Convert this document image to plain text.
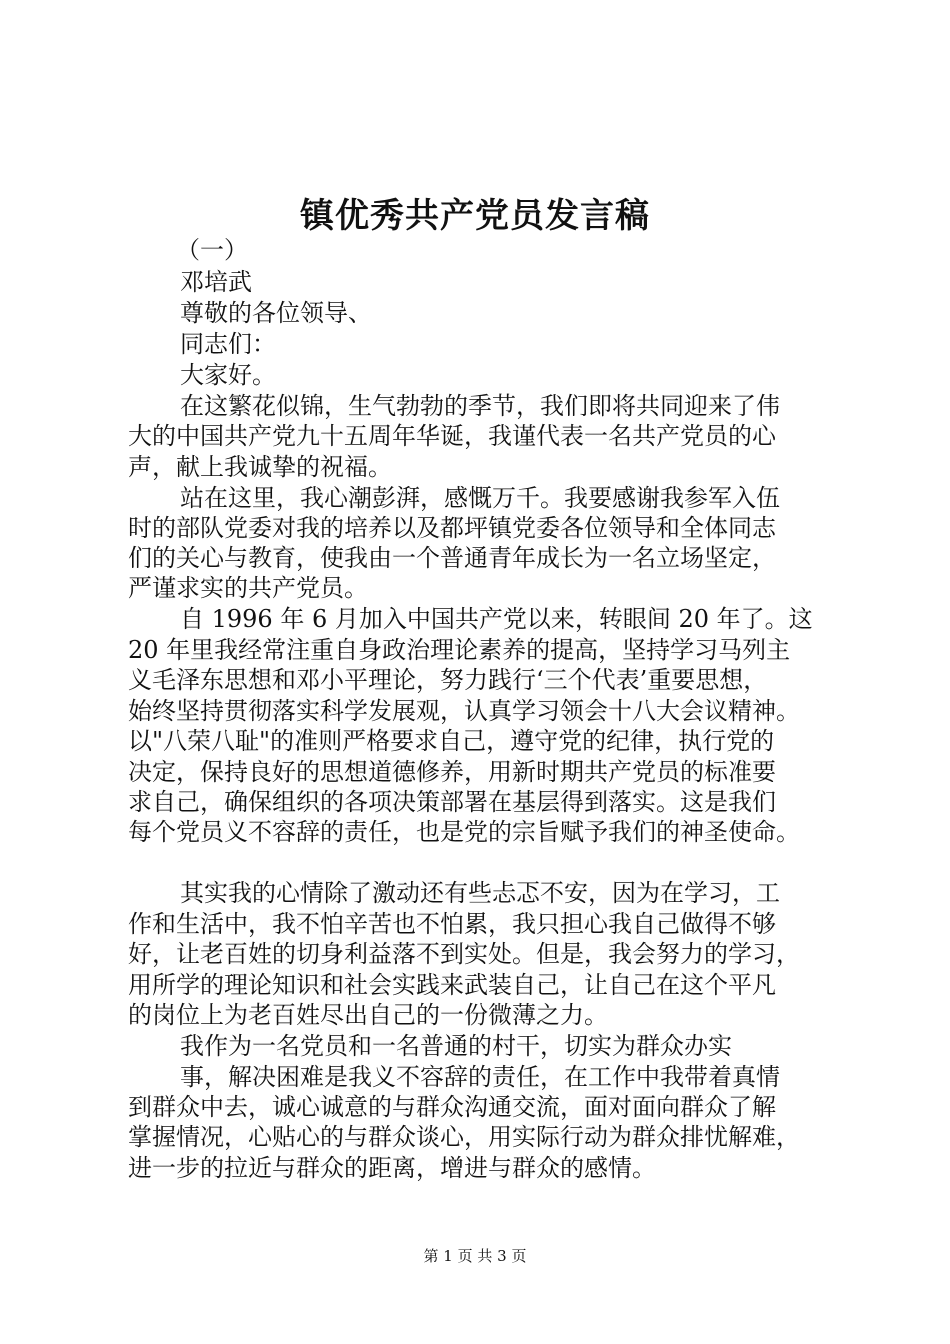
镇优秀共产党员发言稿
（一）
邓培武
尊敬的各位领导、
同志们：
大家好。
在这繁花似锦，生气勃勃的季节，我们即将共同迎来了伟
大的中国共产党九十五周年华诞，我谨代表一名共产党员的心
声，献上我诚挚的祝福。
站在这里，我心潮彭湃，感慨万千。我要感谢我参军入伍
时的部队党委对我的培养以及都坪镇党委各位领导和全体同志
们的关心与教育，使我由一个普通青年成长为一名立场坚定，
严谨求实的共产党员。
自 1996 年 6 月加入中国共产党以来，转眼间 20 年了。这
20 年里我经常注重自身政治理论素养的提高，坚持学习马列主
义毛泽东思想和邓小平理论，努力践行‘三个代表’重要思想，
始终坚持贯彻落实科学发展观，认真学习领会十八大会议精神。
以"八荣八耻"的准则严格要求自己，遵守党的纪律，执行党的
决定，保持良好的思想道德修养，用新时期共产党员的标准要
求自己，确保组织的各项决策部署在基层得到落实。这是我们
每个党员义不容辞的责任，也是党的宗旨赋予我们的神圣使命。
其实我的心情除了激动还有些忐忑不安，因为在学习，工
作和生活中，我不怕辛苦也不怕累，我只担心我自己做得不够
好，让老百姓的切身利益落不到实处。但是，我会努力的学习，
用所学的理论知识和社会实践来武装自己，让自己在这个平凡
的岗位上为老百姓尽出自己的一份微薄之力。
我作为一名党员和一名普通的村干，切实为群众办实
事，解决困难是我义不容辞的责任，在工作中我带着真情
到群众中去，诚心诚意的与群众沟通交流，面对面向群众了解
掌握情况，心贴心的与群众谈心，用实际行动为群众排忧解难，
进一步的拉近与群众的距离，增进与群众的感情。
第 1 页 共 3 页
